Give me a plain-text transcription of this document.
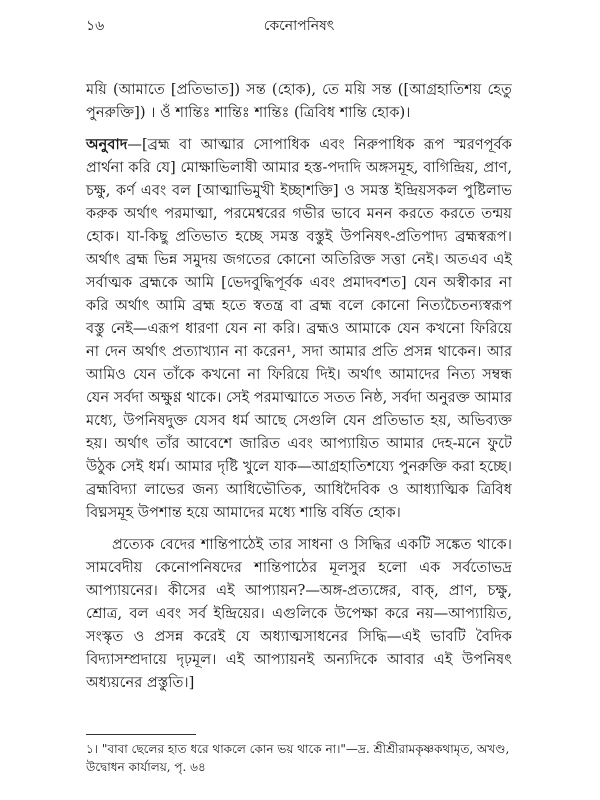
১৬	কেনোপনিষৎ

ময়ি (আমাতে [প্রতিভাত]) সন্ত (হোক), তে ময়ি সন্ত ([আগ্রহাতিশয় হেতু পুনরুক্তি]) । ওঁ শান্তিঃ শান্তিঃ শান্তিঃ (ত্রিবিধ শান্তি হোক)।

অনুবাদ—[ব্রহ্ম বা আত্মার সোপাধিক এবং নিরুপাধিক রূপ স্মরণপূর্বক প্রার্থনা করি যে] মোক্ষাভিলাষী আমার হস্ত-পদাদি অঙ্গসমূহ, বাগিন্দ্রিয়, প্রাণ, চক্ষু, কর্ণ এবং বল [আত্মাভিমুখী ইচ্ছাশক্তি] ও সমস্ত ইন্দ্রিয়সকল পুষ্টিলাভ করুক অর্থাৎ পরমাত্মা, পরমেশ্বরের গভীর ভাবে মনন করতে করতে তন্ময় হোক। যা-কিছু প্রতিভাত হচ্ছে সমস্ত বস্তুই উপনিষৎ-প্রতিপাদ্য ব্রহ্মস্বরূপ। অর্থাৎ ব্রহ্ম ভিন্ন সমুদয় জগতের কোনো অতিরিক্ত সত্তা নেই। অতএব এই সর্বাত্মক ব্রহ্মকে আমি [ভেদবুদ্ধিপূর্বক এবং প্রমাদবশত] যেন অস্বীকার না করি অর্থাৎ আমি ব্রহ্ম হতে স্বতন্ত্র বা ব্রহ্ম বলে কোনো নিত্যচৈতন্যস্বরূপ বস্তু নেই—এরূপ ধারণা যেন না করি। ব্রহ্মও আমাকে যেন কখনো ফিরিয়ে না দেন অর্থাৎ প্রত্যাখ্যান না করেন¹, সদা আমার প্রতি প্রসন্ন থাকেন। আর আমিও যেন তাঁকে কখনো না ফিরিয়ে দিই। অর্থাৎ আমাদের নিত্য সম্বন্ধ যেন সর্বদা অক্ষুণ্ণ থাকে। সেই পরমাত্মাতে সতত নিষ্ঠ, সর্বদা অনুরক্ত আমার মধ্যে, উপনিষদুক্ত যেসব ধর্ম আছে সেগুলি যেন প্রতিভাত হয়, অভিব্যক্ত হয়। অর্থাৎ তাঁর আবেশে জারিত এবং আপ্যায়িত আমার দেহ-মনে ফুটে উঠুক সেই ধর্ম। আমার দৃষ্টি খুলে যাক—আগ্রহাতিশয্যে পুনরুক্তি করা হচ্ছে। ব্রহ্মবিদ্যা লাভের জন্য আধিভৌতিক, আধিদৈবিক ও আধ্যাত্মিক ত্রিবিধ বিঘ্নসমূহ উপশান্ত হয়ে আমাদের মধ্যে শান্তি বর্ষিত হোক।

প্রত্যেক বেদের শান্তিপাঠেই তার সাধনা ও সিদ্ধির একটি সঙ্কেত থাকে। সামবেদীয় কেনোপনিষদের শান্তিপাঠের মূলসুর হলো এক সর্বতোভদ্র আপ্যায়নের। কীসের এই আপ্যায়ন?—অঙ্গ-প্রত্যঙ্গের, বাক্, প্রাণ, চক্ষু, শ্রোত্র, বল এবং সর্ব ইন্দ্রিয়ের। এগুলিকে উপেক্ষা করে নয়—আপ্যায়িত, সংস্কৃত ও প্রসন্ন করেই যে অধ্যাত্মসাধনের সিদ্ধি—এই ভাবটি বৈদিক বিদ্যাসম্প্রদায়ে দৃঢ়মূল। এই আপ্যায়নই অন্যদিকে আবার এই উপনিষৎ অধ্যয়নের প্রস্তুতি।]

১। "বাবা ছেলের হাত ধরে থাকলে কোন ভয় থাকে না।"—দ্র. শ্রীশ্রীরামকৃষ্ণকথামৃত, অখণ্ড, উদ্বোধন কার্যালয়, পৃ. ৬৪
